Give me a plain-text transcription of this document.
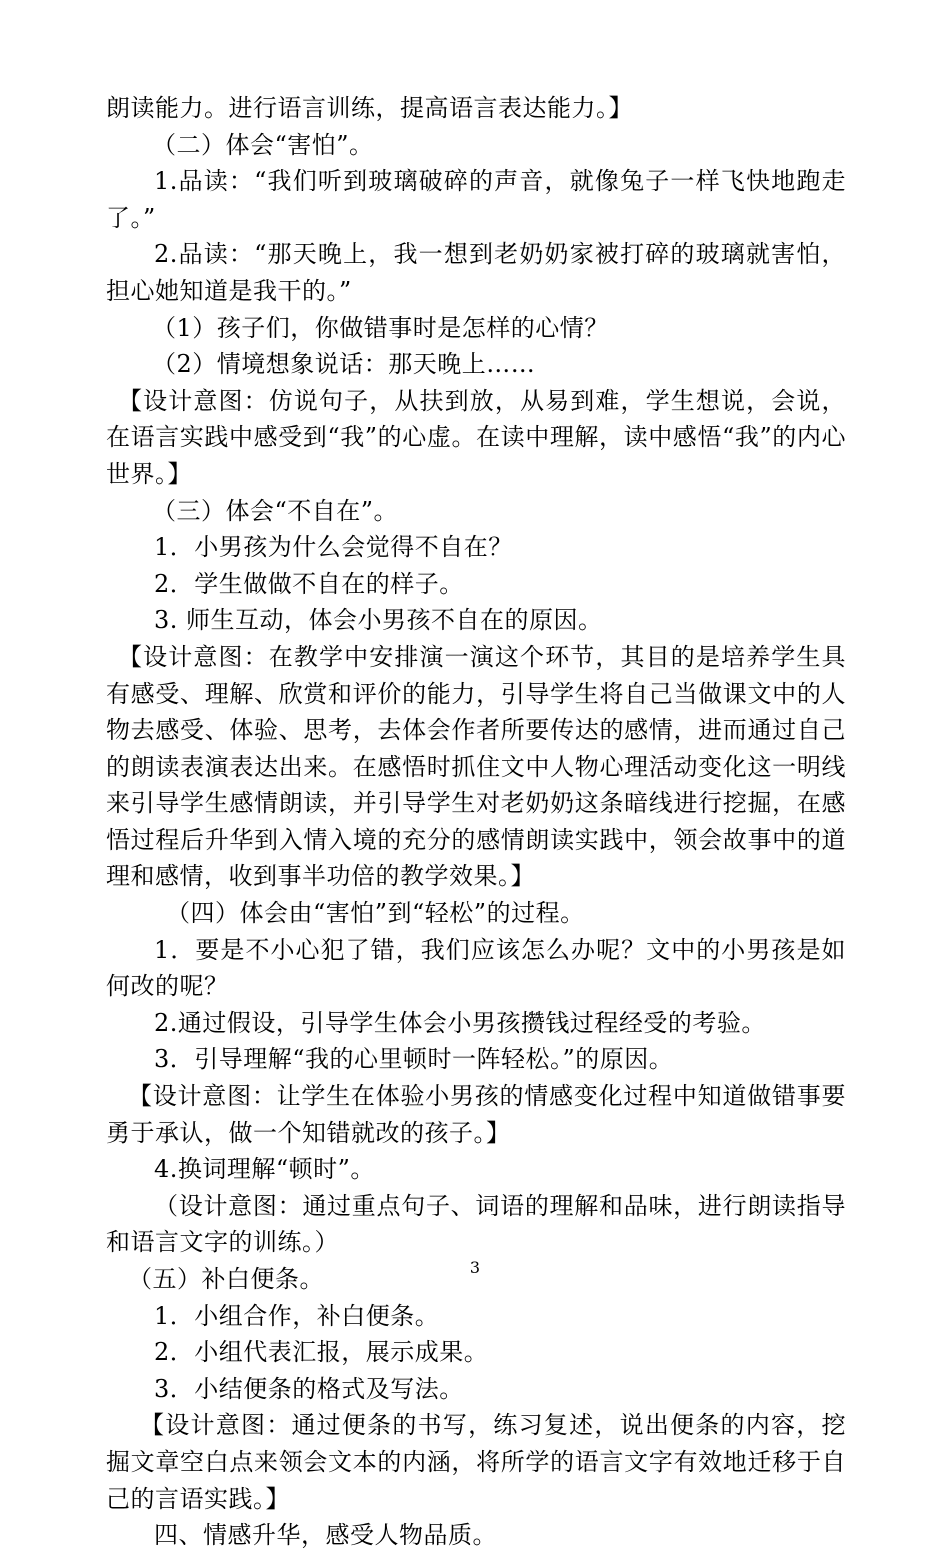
朗读能力。进行语言训练，提高语言表达能力。】

（二）体会“害怕”。

1.品读：“我们听到玻璃破碎的声音，就像兔子一样飞快地跑走了。”

2.品读：“那天晚上，我一想到老奶奶家被打碎的玻璃就害怕，担心她知道是我干的。”

（1）孩子们，你做错事时是怎样的心情？

（2）情境想象说话：那天晚上……

【设计意图：仿说句子，从扶到放，从易到难，学生想说，会说，在语言实践中感受到“我”的心虚。在读中理解，读中感悟“我”的内心世界。】

（三）体会“不自在”。

1．小男孩为什么会觉得不自在？

2．学生做做不自在的样子。

3. 师生互动，体会小男孩不自在的原因。

【设计意图：在教学中安排演一演这个环节，其目的是培养学生具有感受、理解、欣赏和评价的能力，引导学生将自己当做课文中的人物去感受、体验、思考，去体会作者所要传达的感情，进而通过自己的朗读表演表达出来。在感悟时抓住文中人物心理活动变化这一明线来引导学生感情朗读，并引导学生对老奶奶这条暗线进行挖掘，在感悟过程后升华到入情入境的充分的感情朗读实践中，领会故事中的道理和感情，收到事半功倍的教学效果。】

（四）体会由“害怕”到“轻松”的过程。

1．要是不小心犯了错，我们应该怎么办呢？文中的小男孩是如何改的呢？

2.通过假设，引导学生体会小男孩攒钱过程经受的考验。

3．引导理解“我的心里顿时一阵轻松。”的原因。

【设计意图：让学生在体验小男孩的情感变化过程中知道做错事要勇于承认，做一个知错就改的孩子。】

4.换词理解“顿时”。

（设计意图：通过重点句子、词语的理解和品味，进行朗读指导和语言文字的训练。）

（五）补白便条。

1．小组合作，补白便条。

2．小组代表汇报，展示成果。

3．小结便条的格式及写法。

【设计意图：通过便条的书写，练习复述，说出便条的内容，挖掘文章空白点来领会文本的内涵，将所学的语言文字有效地迁移于自己的言语实践。】

四、情感升华，感受人物品质。

3
